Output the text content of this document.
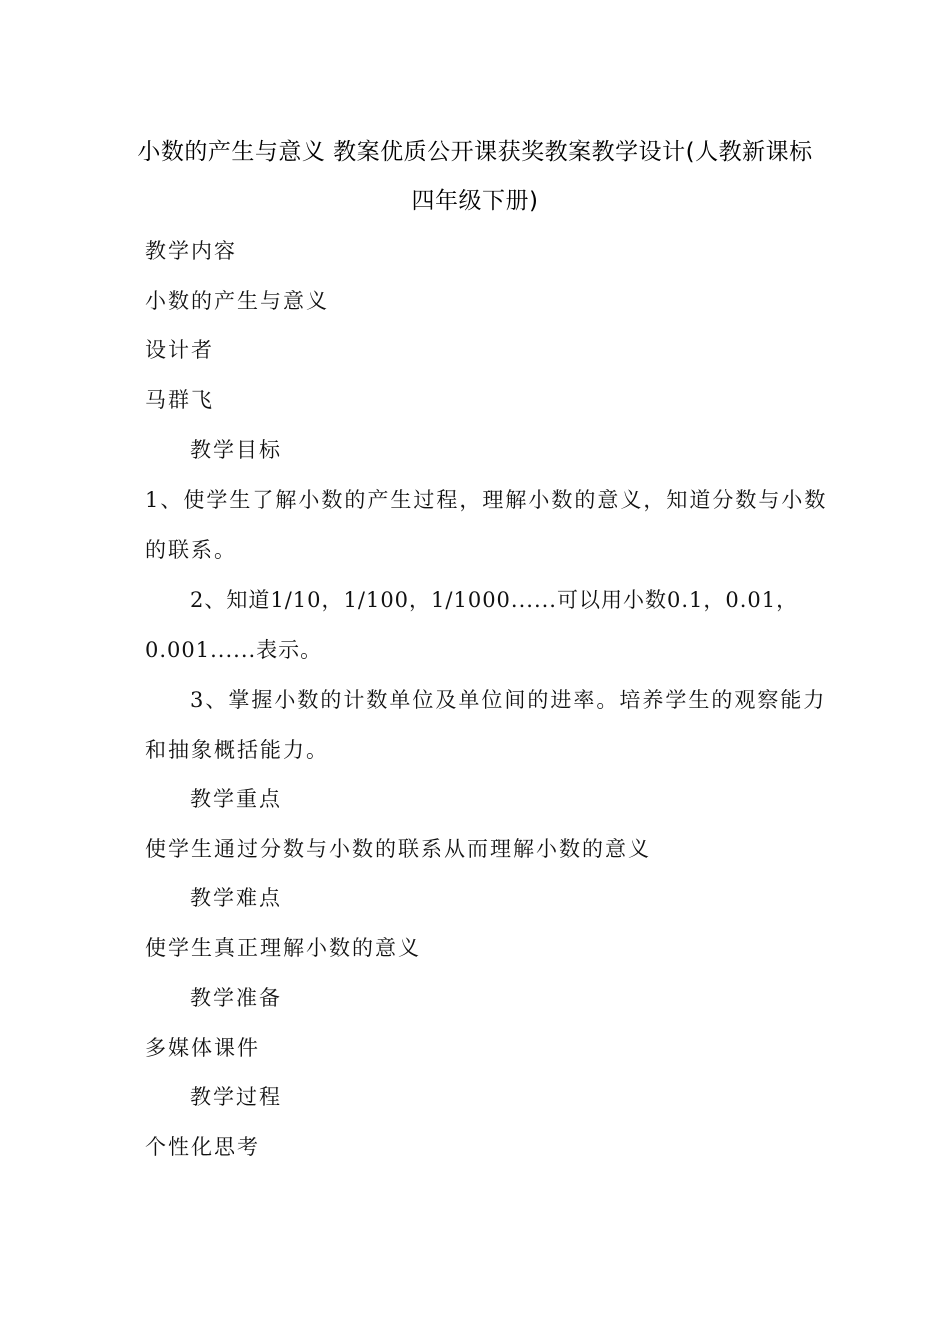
小数的产生与意义 教案优质公开课获奖教案教学设计(人教新课标
四年级下册)
教学内容
小数的产生与意义
设计者
马群飞
教学目标
1、使学生了解小数的产生过程，理解小数的意义，知道分数与小数
的联系。
2、知道1/10，1/100，1/1000......可以用小数0.1，0.01，
0.001......表示。
3、掌握小数的计数单位及单位间的进率。培养学生的观察能力
和抽象概括能力。
教学重点
使学生通过分数与小数的联系从而理解小数的意义
教学难点
使学生真正理解小数的意义
教学准备
多媒体课件
教学过程
个性化思考
